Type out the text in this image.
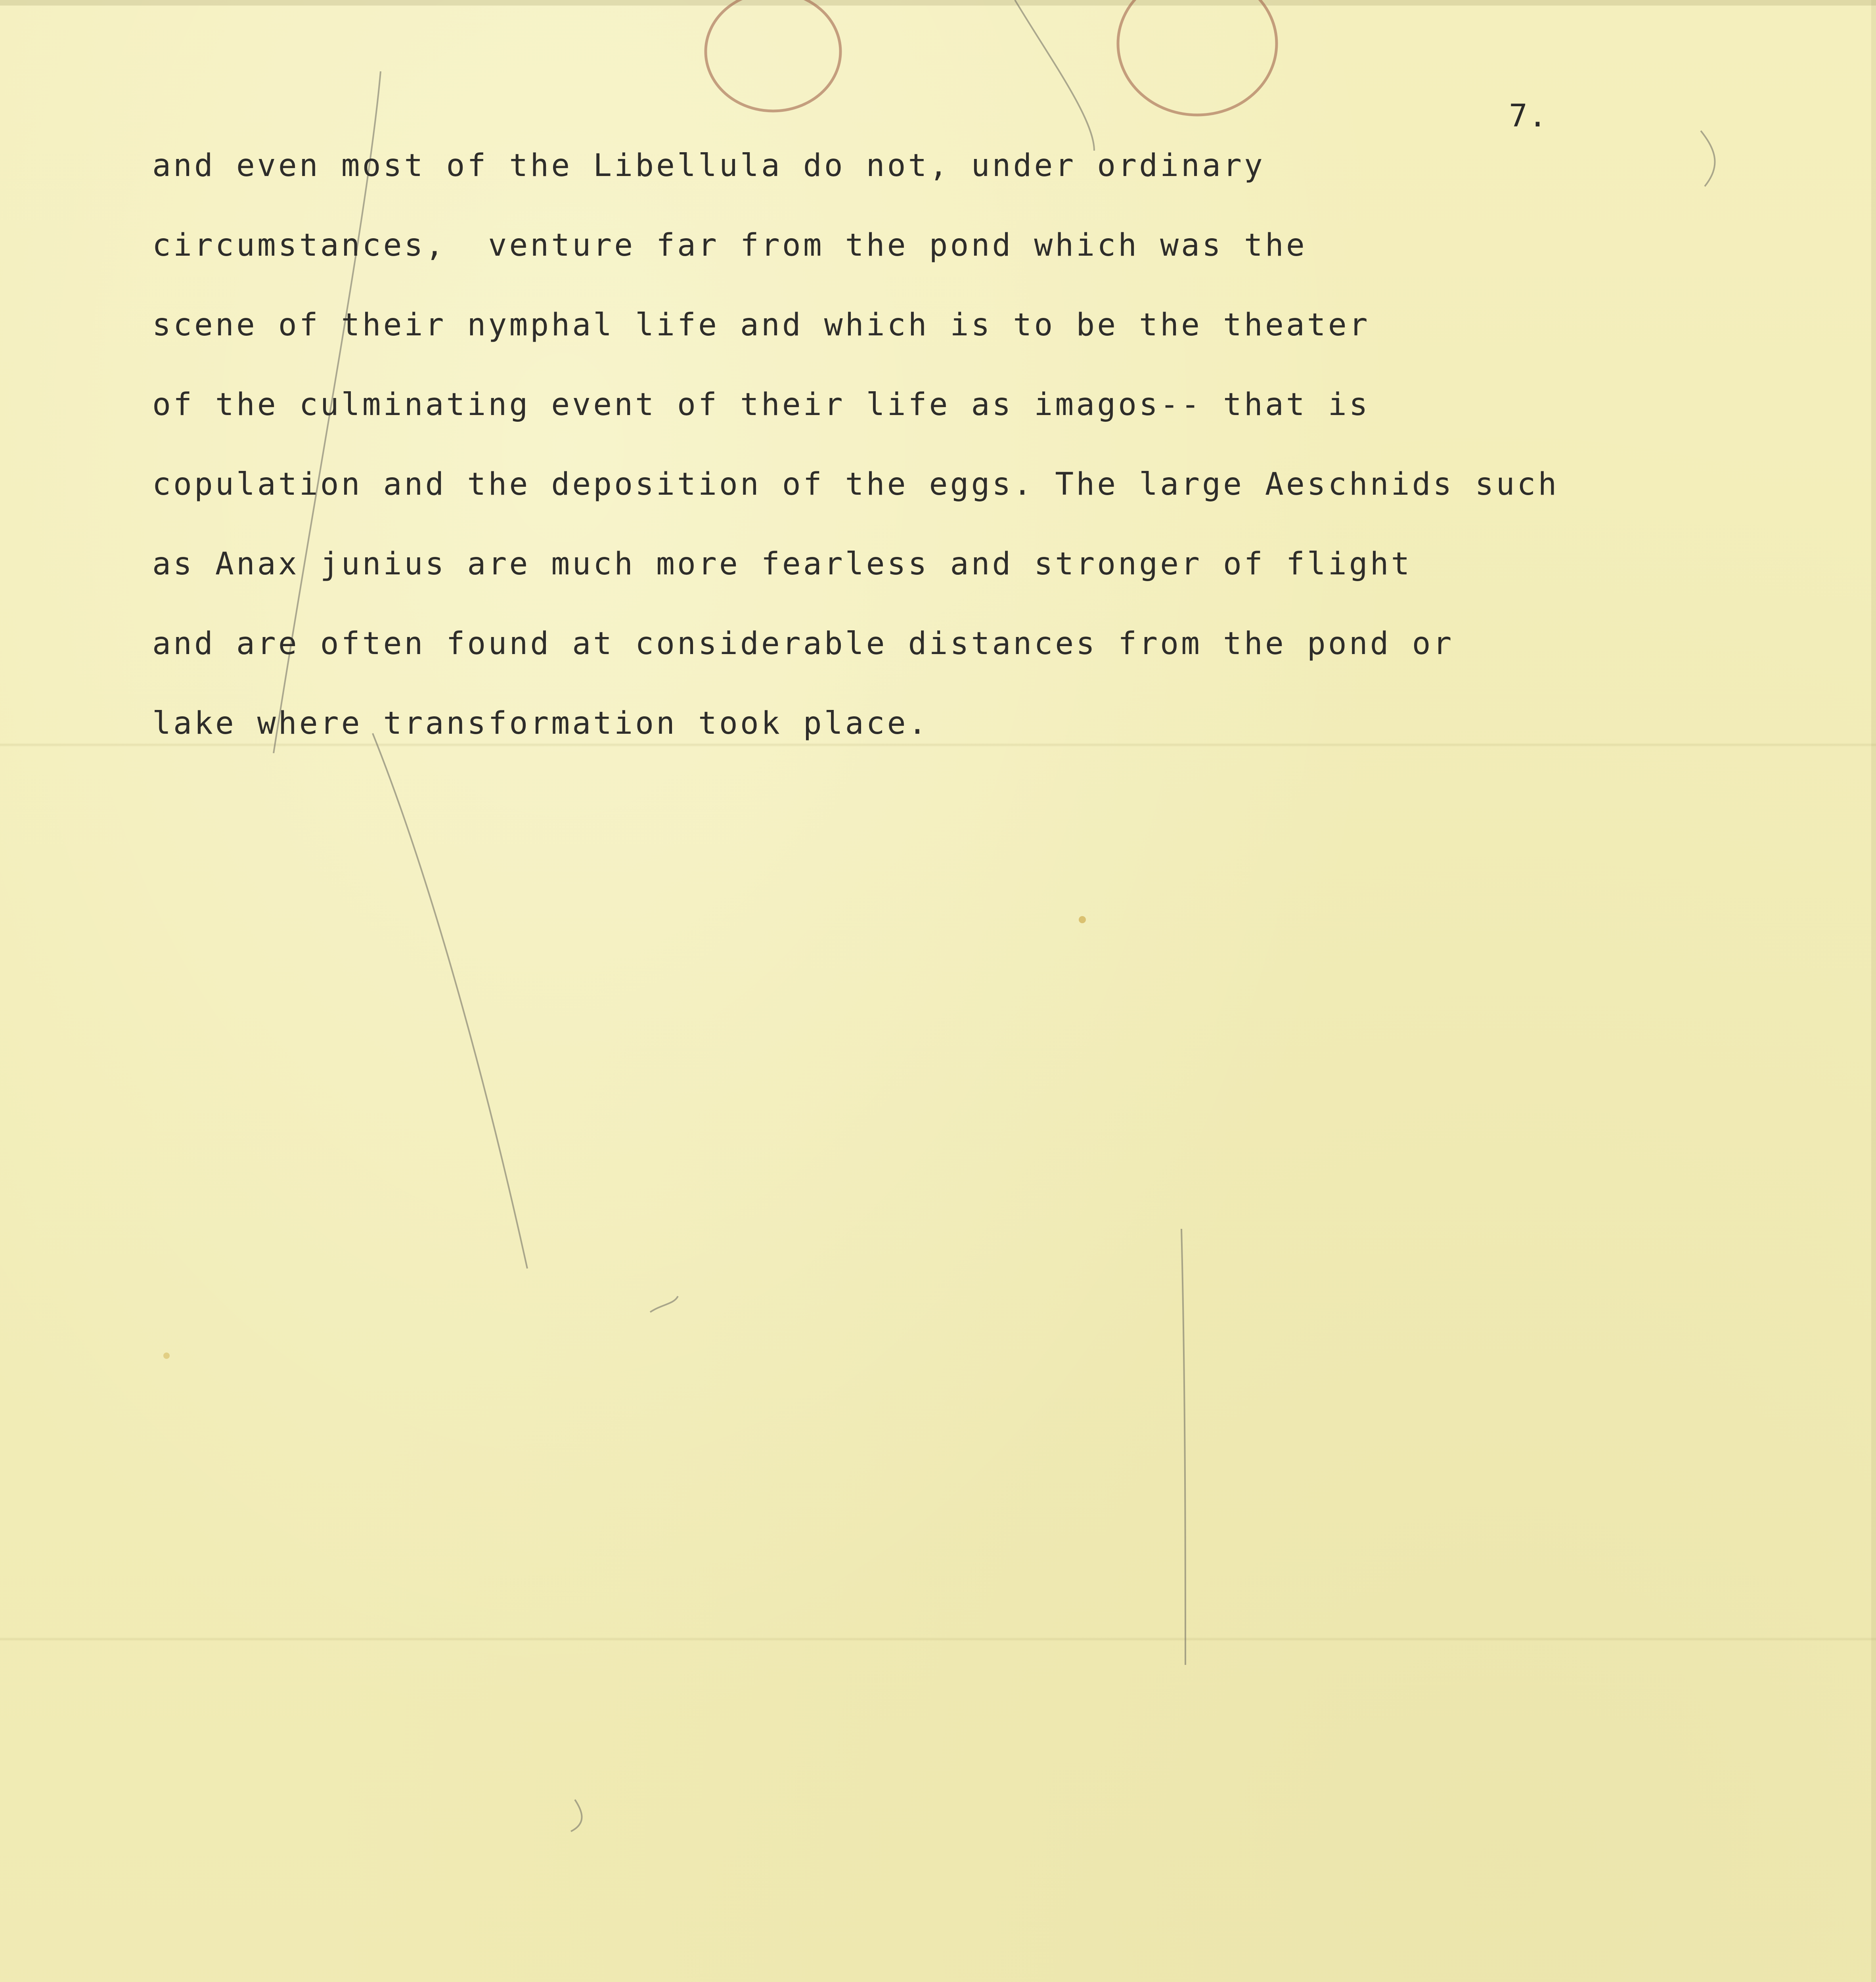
7.
and even most of the Libellula do not, under ordinary
circumstances,  venture far from the pond which was the
scene of their nymphal life and which is to be the theater
of the culminating event of their life as imagos-- that is
copulation and the deposition of the eggs. The large Aeschnids such
as Anax junius are much more fearless and stronger of flight
and are often found at considerable distances from the pond or
lake where transformation took place.
